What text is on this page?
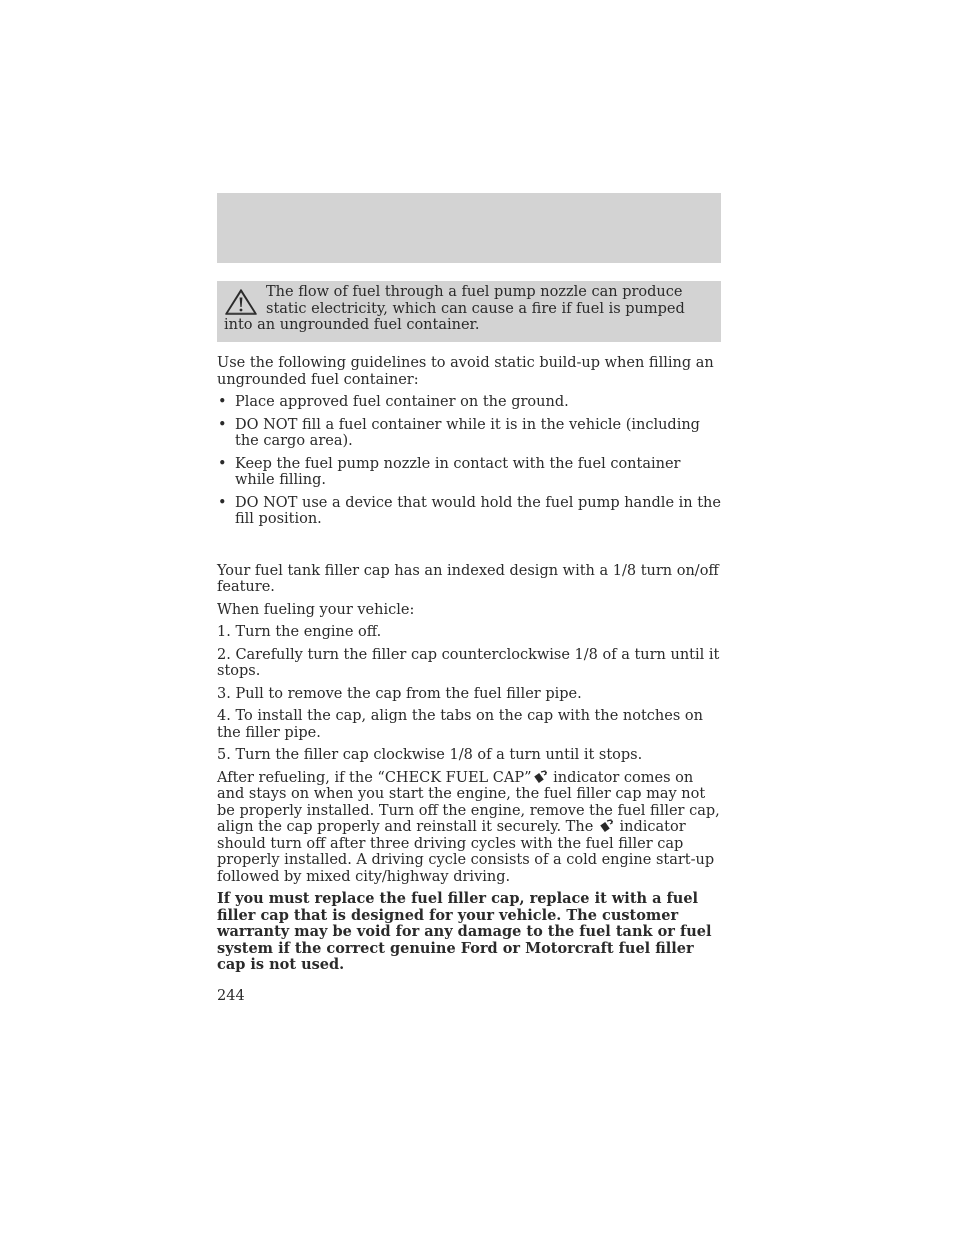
The flow of fuel through a fuel pump nozzle can produce static electricity, which can cause a fire if fuel is pumped into an ungrounded fuel container.

Use the following guidelines to avoid static build-up when filling an ungrounded fuel container:

• Place approved fuel container on the ground.
• DO NOT fill a fuel container while it is in the vehicle (including the cargo area).
• Keep the fuel pump nozzle in contact with the fuel container while filling.
• DO NOT use a device that would hold the fuel pump handle in the fill position.

Your fuel tank filler cap has an indexed design with a 1/8 turn on/off feature.

When fueling your vehicle:

1. Turn the engine off.
2. Carefully turn the filler cap counterclockwise 1/8 of a turn until it stops.
3. Pull to remove the cap from the fuel filler pipe.
4. To install the cap, align the tabs on the cap with the notches on the filler pipe.
5. Turn the filler cap clockwise 1/8 of a turn until it stops.

After refueling, if the “CHECK FUEL CAP” indicator comes on and stays on when you start the engine, the fuel filler cap may not be properly installed. Turn off the engine, remove the fuel filler cap, align the cap properly and reinstall it securely. The  indicator should turn off after three driving cycles with the fuel filler cap properly installed. A driving cycle consists of a cold engine start-up followed by mixed city/highway driving.

If you must replace the fuel filler cap, replace it with a fuel filler cap that is designed for your vehicle. The customer warranty may be void for any damage to the fuel tank or fuel system if the correct genuine Ford or Motorcraft fuel filler cap is not used.

244
